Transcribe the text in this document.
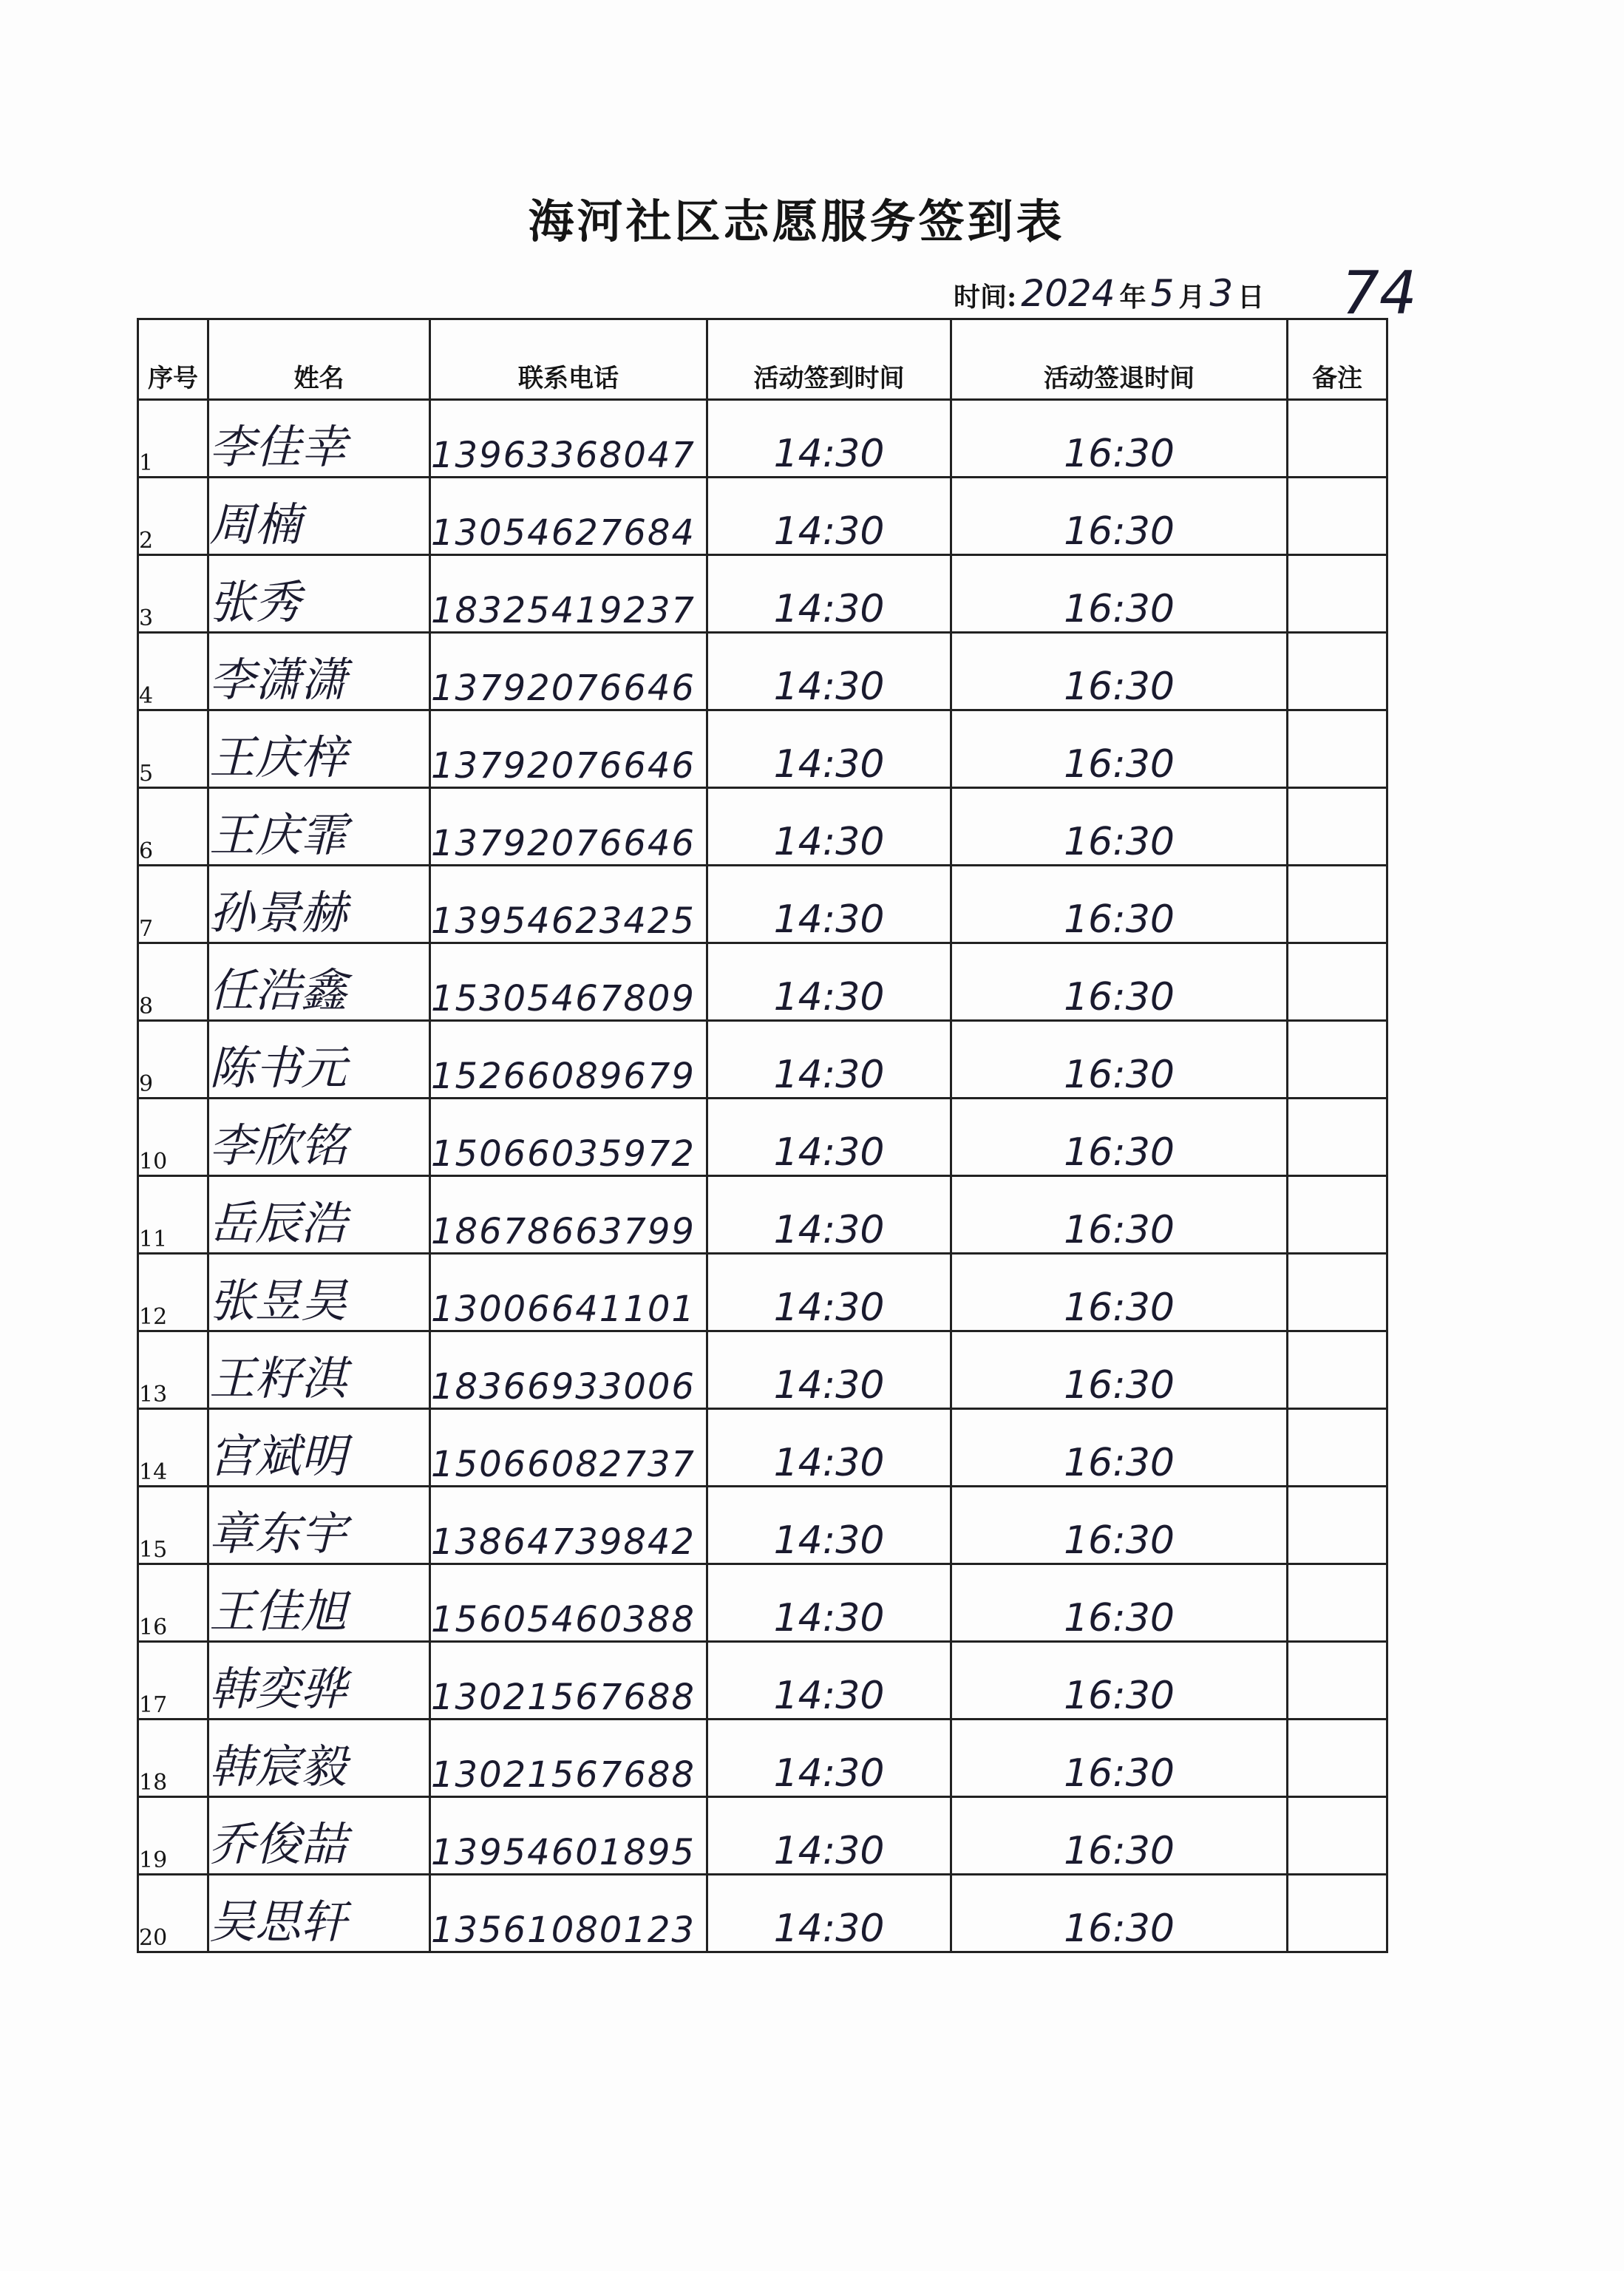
海河社区志愿服务签到表
时间: 2024 年 5 月 3 日 74
序号	姓名	联系电话	活动签到时间	活动签退时间	备注
1	李佳幸	13963368047	14:30	16:30	
2	周楠	13054627684	14:30	16:30	
3	张秀	18325419237	14:30	16:30	
4	李潇潇	13792076646	14:30	16:30	
5	王庆梓	13792076646	14:30	16:30	
6	王庆霏	13792076646	14:30	16:30	
7	孙景赫	13954623425	14:30	16:30	
8	任浩鑫	15305467809	14:30	16:30	
9	陈书元	15266089679	14:30	16:30	
10	李欣铭	15066035972	14:30	16:30	
11	岳辰浩	18678663799	14:30	16:30	
12	张昱昊	13006641101	14:30	16:30	
13	王籽淇	18366933006	14:30	16:30	
14	宫斌明	15066082737	14:30	16:30	
15	章东宇	13864739842	14:30	16:30	
16	王佳旭	15605460388	14:30	16:30	
17	韩奕骅	13021567688	14:30	16:30	
18	韩宸毅	13021567688	14:30	16:30	
19	乔俊喆	13954601895	14:30	16:30	
20	吴思轩	13561080123	14:30	16:30	
